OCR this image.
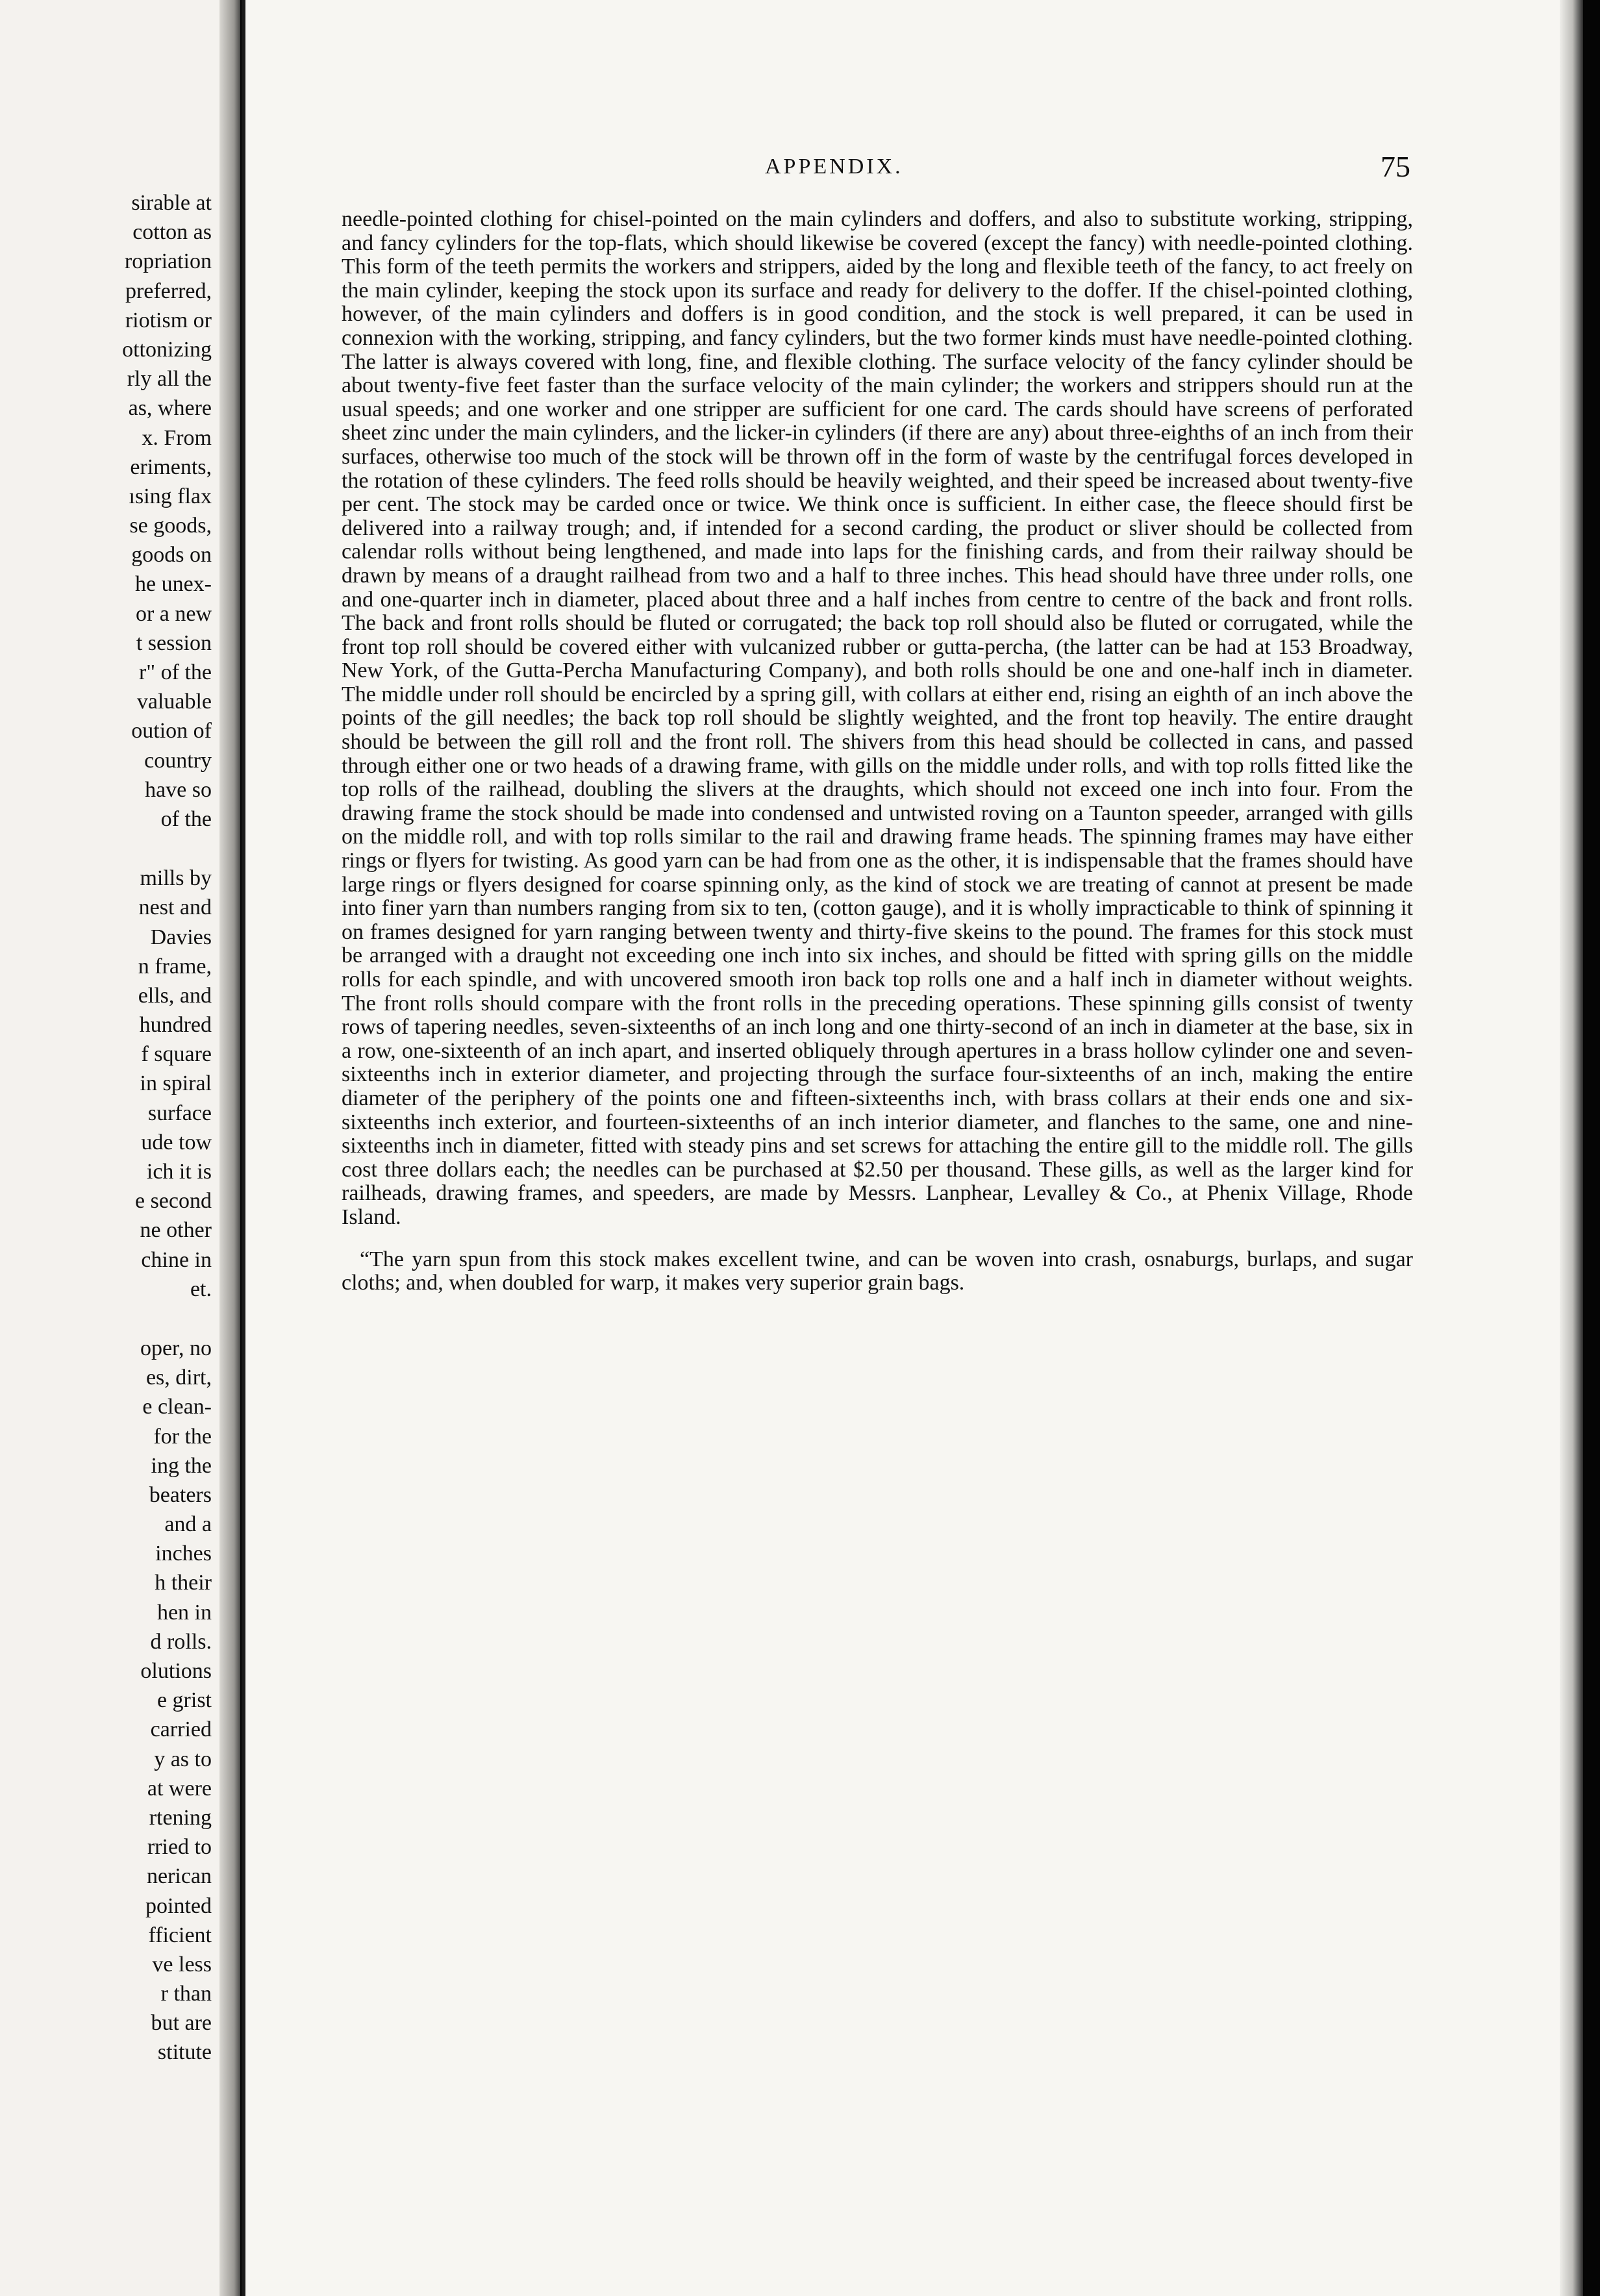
sirable at
cotton as
ropriation
preferred,
riotism or
ottonizing
rly all the
as, where
x. From
eriments,
ısing flax
se goods,
goods on
he unex-
or a new
t session
r" of the
valuable
oution of
country
have so
of the
mills by
nest and
Davies
n frame,
ells, and
hundred
f square
in spiral
surface
ude tow
ich it is
e second
ne other
chine in
et.
oper, no
es, dirt,
e clean-
for the
ing the
beaters
and a
inches
h their
hen in
d rolls.
olutions
e grist
carried
y as to
at were
rtening
rried to
nerican
pointed
fficient
ve less
r than
but are
stitute
APPENDIX.	75

needle-pointed clothing for chisel-pointed on the main cylinders and doffers, and also to substitute working, stripping, and fancy cylinders for the top-flats, which should likewise be covered (except the fancy) with needle-pointed clothing. This form of the teeth permits the workers and strippers, aided by the long and flexible teeth of the fancy, to act freely on the main cylinder, keeping the stock upon its surface and ready for delivery to the doffer. If the chisel-pointed clothing, however, of the main cylinders and doffers is in good condition, and the stock is well prepared, it can be used in connexion with the working, stripping, and fancy cylinders, but the two former kinds must have needle-pointed clothing. The latter is always covered with long, fine, and flexible clothing. The surface velocity of the fancy cylinder should be about twenty-five feet faster than the surface velocity of the main cylinder; the workers and strippers should run at the usual speeds; and one worker and one stripper are sufficient for one card. The cards should have screens of perforated sheet zinc under the main cylinders, and the licker-in cylinders (if there are any) about three-eighths of an inch from their surfaces, otherwise too much of the stock will be thrown off in the form of waste by the centrifugal forces developed in the rotation of these cylinders. The feed rolls should be heavily weighted, and their speed be increased about twenty-five per cent. The stock may be carded once or twice. We think once is sufficient. In either case, the fleece should first be delivered into a railway trough; and, if intended for a second carding, the product or sliver should be collected from calendar rolls without being lengthened, and made into laps for the finishing cards, and from their railway should be drawn by means of a draught railhead from two and a half to three inches. This head should have three under rolls, one and one-quarter inch in diameter, placed about three and a half inches from centre to centre of the back and front rolls. The back and front rolls should be fluted or corrugated; the back top roll should also be fluted or corrugated, while the front top roll should be covered either with vulcanized rubber or gutta-percha, (the latter can be had at 153 Broadway, New York, of the Gutta-Percha Manufacturing Company), and both rolls should be one and one-half inch in diameter. The middle under roll should be encircled by a spring gill, with collars at either end, rising an eighth of an inch above the points of the gill needles; the back top roll should be slightly weighted, and the front top heavily. The entire draught should be between the gill roll and the front roll. The shivers from this head should be collected in cans, and passed through either one or two heads of a drawing frame, with gills on the middle under rolls, and with top rolls fitted like the top rolls of the railhead, doubling the slivers at the draughts, which should not exceed one inch into four. From the drawing frame the stock should be made into condensed and untwisted roving on a Taunton speeder, arranged with gills on the middle roll, and with top rolls similar to the rail and drawing frame heads. The spinning frames may have either rings or flyers for twisting. As good yarn can be had from one as the other, it is indispensable that the frames should have large rings or flyers designed for coarse spinning only, as the kind of stock we are treating of cannot at present be made into finer yarn than numbers ranging from six to ten, (cotton gauge), and it is wholly impracticable to think of spinning it on frames designed for yarn ranging between twenty and thirty-five skeins to the pound. The frames for this stock must be arranged with a draught not exceeding one inch into six inches, and should be fitted with spring gills on the middle rolls for each spindle, and with uncovered smooth iron back top rolls one and a half inch in diameter without weights. The front rolls should compare with the front rolls in the preceding operations. These spinning gills consist of twenty rows of tapering needles, seven-sixteenths of an inch long and one thirty-second of an inch in diameter at the base, six in a row, one-sixteenth of an inch apart, and inserted obliquely through apertures in a brass hollow cylinder one and seven-sixteenths inch in exterior diameter, and projecting through the surface four-sixteenths of an inch, making the entire diameter of the periphery of the points one and fifteen-sixteenths inch, with brass collars at their ends one and six-sixteenths inch exterior, and fourteen-sixteenths of an inch interior diameter, and flanches to the same, one and nine-sixteenths inch in diameter, fitted with steady pins and set screws for attaching the entire gill to the middle roll. The gills cost three dollars each; the needles can be purchased at $2.50 per thousand. These gills, as well as the larger kind for railheads, drawing frames, and speeders, are made by Messrs. Lanphear, Levalley & Co., at Phenix Village, Rhode Island.

“The yarn spun from this stock makes excellent twine, and can be woven into crash, osnaburgs, burlaps, and sugar cloths; and, when doubled for warp, it makes very superior grain bags.
